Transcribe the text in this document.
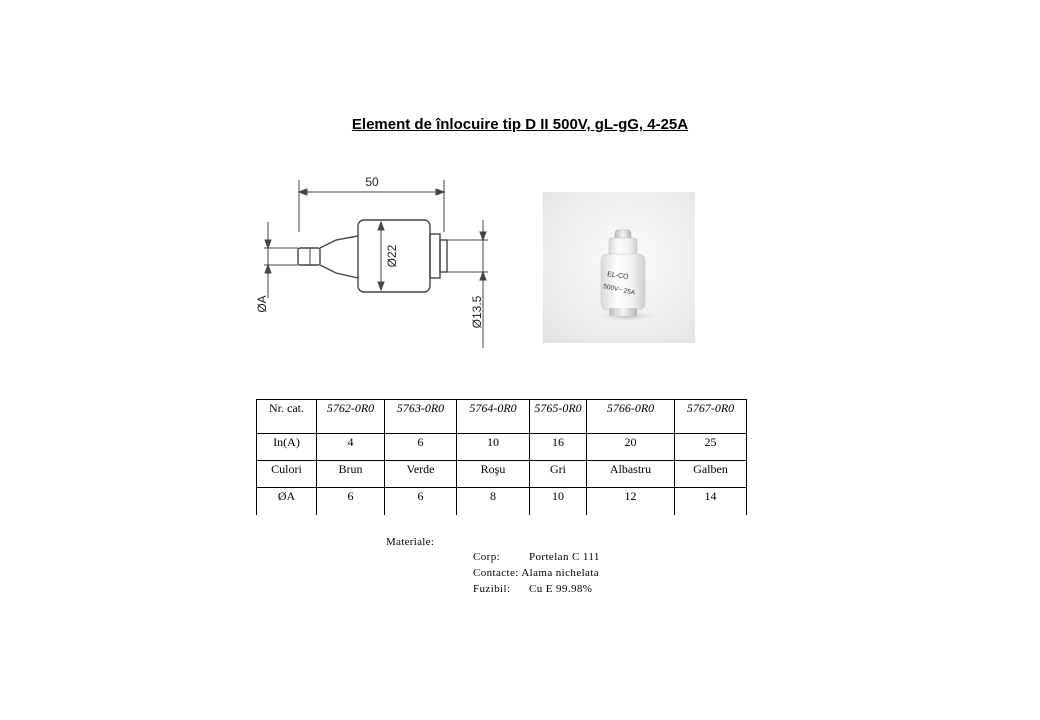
Element de înlocuire tip D II 500V, gL-gG, 4-25A
50
Ø22
ØA	Ø13.5
EL-CO
500V~ 25A
Nr. cat.	5762-0R0	5763-0R0	5764-0R0	5765-0R0	5766-0R0	5767-0R0
In(A)	4	6	10	16	20	25
Culori	Brun	Verde	Roşu	Gri	Albastru	Galben
ØA	6	6	8	10	12	14
Materiale:
Corp:	Portelan C 111
Contacte: Alama nichelata
Fuzibil: Cu E 99.98%
